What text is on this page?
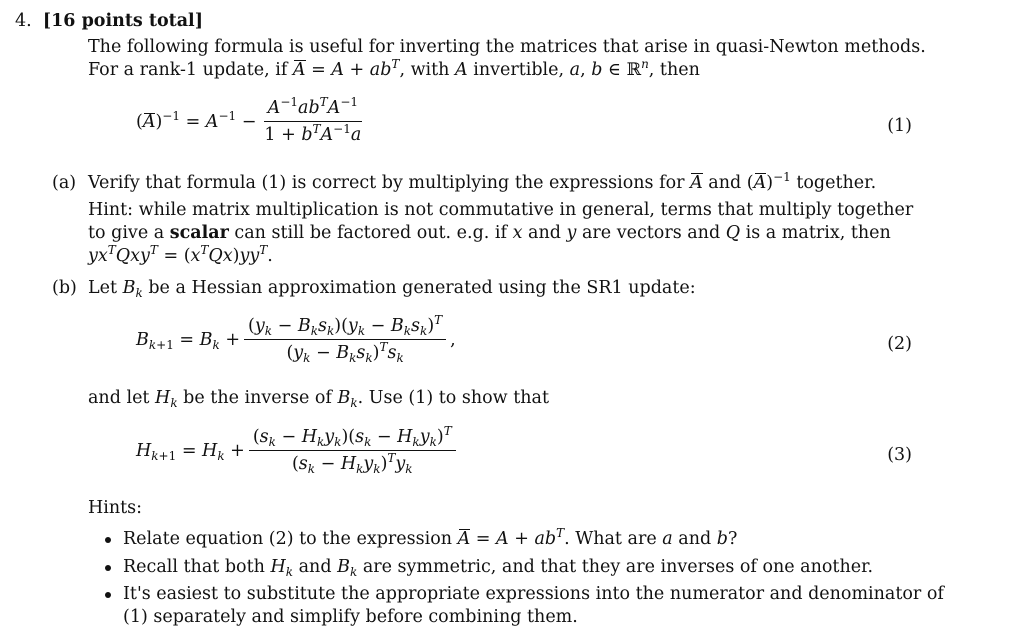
4. [16 points total]
The following formula is useful for inverting the matrices that arise in quasi-Newton methods.
For a rank-1 update, if $A = A + ab^T$, with A invertible, a, b ∈ ℝ$^n$, then
$(A)^{-1} = A^{-1} - \frac{A^{-1}ab^TA^{-1}}{1 + b^TA^{-1}a}$	(1)
(a) Verify that formula (1) is correct by multiplying the expressions for A and $(A)^{-1}$ together.
Hint: while matrix multiplication is not commutative in general, terms that multiply together
to give a scalar can still be factored out. e.g. if x and y are vectors and Q is a matrix, then
$yx^TQxy^T = (x^TQx)yy^T$.
(b) Let $B_k$ be a Hessian approximation generated using the SR1 update:
$B_{k+1} = B_k + \frac{(y_k - B_ks_k)(y_k - B_ks_k)^T}{(y_k - B_ks_k)^Ts_k}$ ,	(2)
and let $H_k$ be the inverse of $B_k$. Use (1) to show that
$H_{k+1} = H_k + \frac{(s_k - H_ky_k)(s_k - H_ky_k)^T}{(s_k - H_ky_k)^Ty_k}$	(3)
Hints:
Relate equation (2) to the expression $A = A + ab^T$. What are a and b?
Recall that both $H_k$ and $B_k$ are symmetric, and that they are inverses of one another.
It's easiest to substitute the appropriate expressions into the numerator and denominator of
(1) separately and simplify before combining them.
